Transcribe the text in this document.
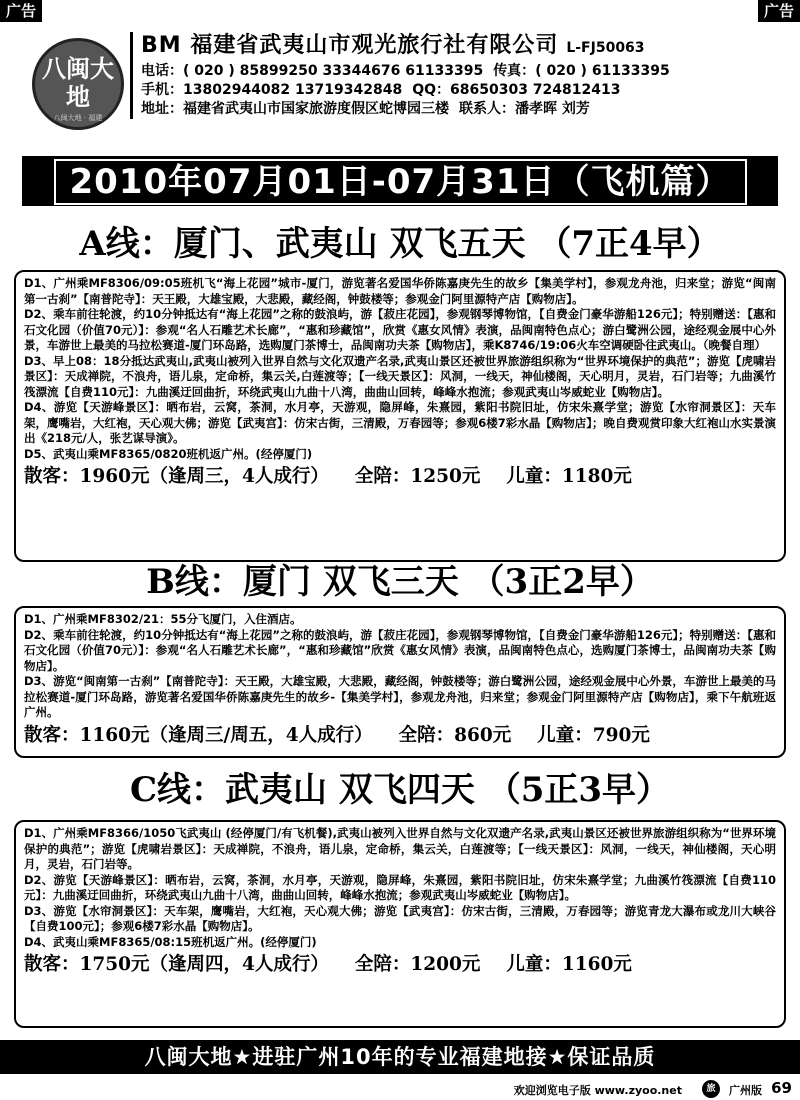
广告	广告
八闽大地
八闽大地 · 福建
BM 福建省武夷山市观光旅行社有限公司 L-FJ50063
电话：( 020 ) 85899250 33344676 61133395 传真：( 020 ) 61133395
手机：13802944082 13719342848 QQ：68650303 724812413
地址：福建省武夷山市国家旅游度假区蛇博园三楼 联系人：潘孝晖 刘芳
2010年07月01日-07月31日（飞机篇）
A线：厦门、武夷山 双飞五天 （7正4早）
D1、广州乘MF8306/09:05班机飞“海上花园”城市-厦门，游览著名爱国华侨陈嘉庚先生的故乡【集美学村】，参观龙舟池，归来堂；游览“闽南第一古刹”【南普陀寺】：天王殿，大雄宝殿，大悲殿，藏经阁，钟鼓楼等；参观金门阿里源特产店【购物店】。
D2、乘车前往轮渡，约10分钟抵达有“海上花园”之称的鼓浪屿，游【菽庄花园】，参观钢琴博物馆，【自费金门豪华游船126元】；特别赠送：【惠和石文化园（价值70元）】：参观“名人石雕艺术长廊”，“惠和珍藏馆”，欣赏《惠女风情》表演，品闽南特色点心；游白鹭洲公园，途经观金展中心外景，车游世上最美的马拉松赛道-厦门环岛路，选购厦门茶博士，品闽南功夫茶【购物店】，乘K8746/19:06火车空调硬卧往武夷山。（晚餐自理）
D3、早上08：18分抵达武夷山,武夷山被列入世界自然与文化双遗产名录,武夷山景区还被世界旅游组织称为“世界环境保护的典范”；游览【虎啸岩景区】：天成禅院，不浪舟，语儿泉，定命桥，集云关,白莲渡等；【一线天景区】：风洞，一线天，神仙楼阁，天心明月，灵岩，石门岩等；九曲溪竹筏漂流【自费110元】：九曲溪迂回曲折，环绕武夷山九曲十八湾，曲曲山回转，峰峰水抱流；参观武夷山岑威蛇业【购物店】。
D4、游览【天游峰景区】：晒布岩，云窝，茶洞，水月亭，天游观，隐屏峰，朱熹园，紫阳书院旧址，仿宋朱熹学堂；游览【水帘洞景区】：天车架，鹰嘴岩，大红袍，天心观大佛；游览【武夷宫】：仿宋古街，三清殿，万春园等；参观6楼7彩水晶【购物店】；晚自费观赏印象大红袍山水实景演出《218元/人，张艺谋导演》。
D5、武夷山乘MF8365/0820班机返广州。(经停厦门)
散客：1960元（逢周三，4人成行） 全陪：1250元 儿童：1180元
B线：厦门 双飞三天 （3正2早）
D1、广州乘MF8302/21：55分飞厦门，入住酒店。
D2、乘车前往轮渡，约10分钟抵达有“海上花园”之称的鼓浪屿，游【菽庄花园】，参观钢琴博物馆，【自费金门豪华游船126元】；特别赠送：【惠和石文化园（价值70元）】：参观“名人石雕艺术长廊”，“惠和珍藏馆”欣赏《惠女风情》表演，品闽南特色点心，选购厦门茶博士，品闽南功夫茶【购物店】。
D3、游览“闽南第一古刹”【南普陀寺】：天王殿，大雄宝殿，大悲殿，藏经阁，钟鼓楼等；游白鹭洲公园，途经观金展中心外景，车游世上最美的马拉松赛道-厦门环岛路，游览著名爱国华侨陈嘉庚先生的故乡-【集美学村】，参观龙舟池，归来堂；参观金门阿里源特产店【购物店】，乘下午航班返广州。
散客：1160元（逢周三/周五，4人成行） 全陪：860元 儿童：790元
C线：武夷山 双飞四天 （5正3早）
D1、广州乘MF8366/1050飞武夷山 (经停厦门/有飞机餐),武夷山被列入世界自然与文化双遗产名录,武夷山景区还被世界旅游组织称为“世界环境保护的典范”；游览【虎啸岩景区】：天成禅院，不浪舟，语儿泉，定命桥，集云关，白莲渡等；【一线天景区】：风洞，一线天，神仙楼阁，天心明月，灵岩，石门岩等。
D2、游览【天游峰景区】：晒布岩，云窝，茶洞，水月亭，天游观，隐屏峰，朱熹园，紫阳书院旧址，仿宋朱熹学堂；九曲溪竹筏漂流【自费110元】：九曲溪迂回曲折，环绕武夷山九曲十八湾，曲曲山回转，峰峰水抱流；参观武夷山岑威蛇业【购物店】。
D3、游览【水帘洞景区】：天车架，鹰嘴岩，大红袍，天心观大佛；游览【武夷宫】：仿宋古街，三清殿，万春园等；游览青龙大瀑布或龙川大峡谷【自费100元】；参观6楼7彩水晶【购物店】。
D4、武夷山乘MF8365/08:15班机返广州。(经停厦门)
散客：1750元（逢周四，4人成行） 全陪：1200元 儿童：1160元
八闽大地★进驻广州10年的专业福建地接★保证品质
欢迎浏览电子版 www.zyoo.net	旅	广州版 69
